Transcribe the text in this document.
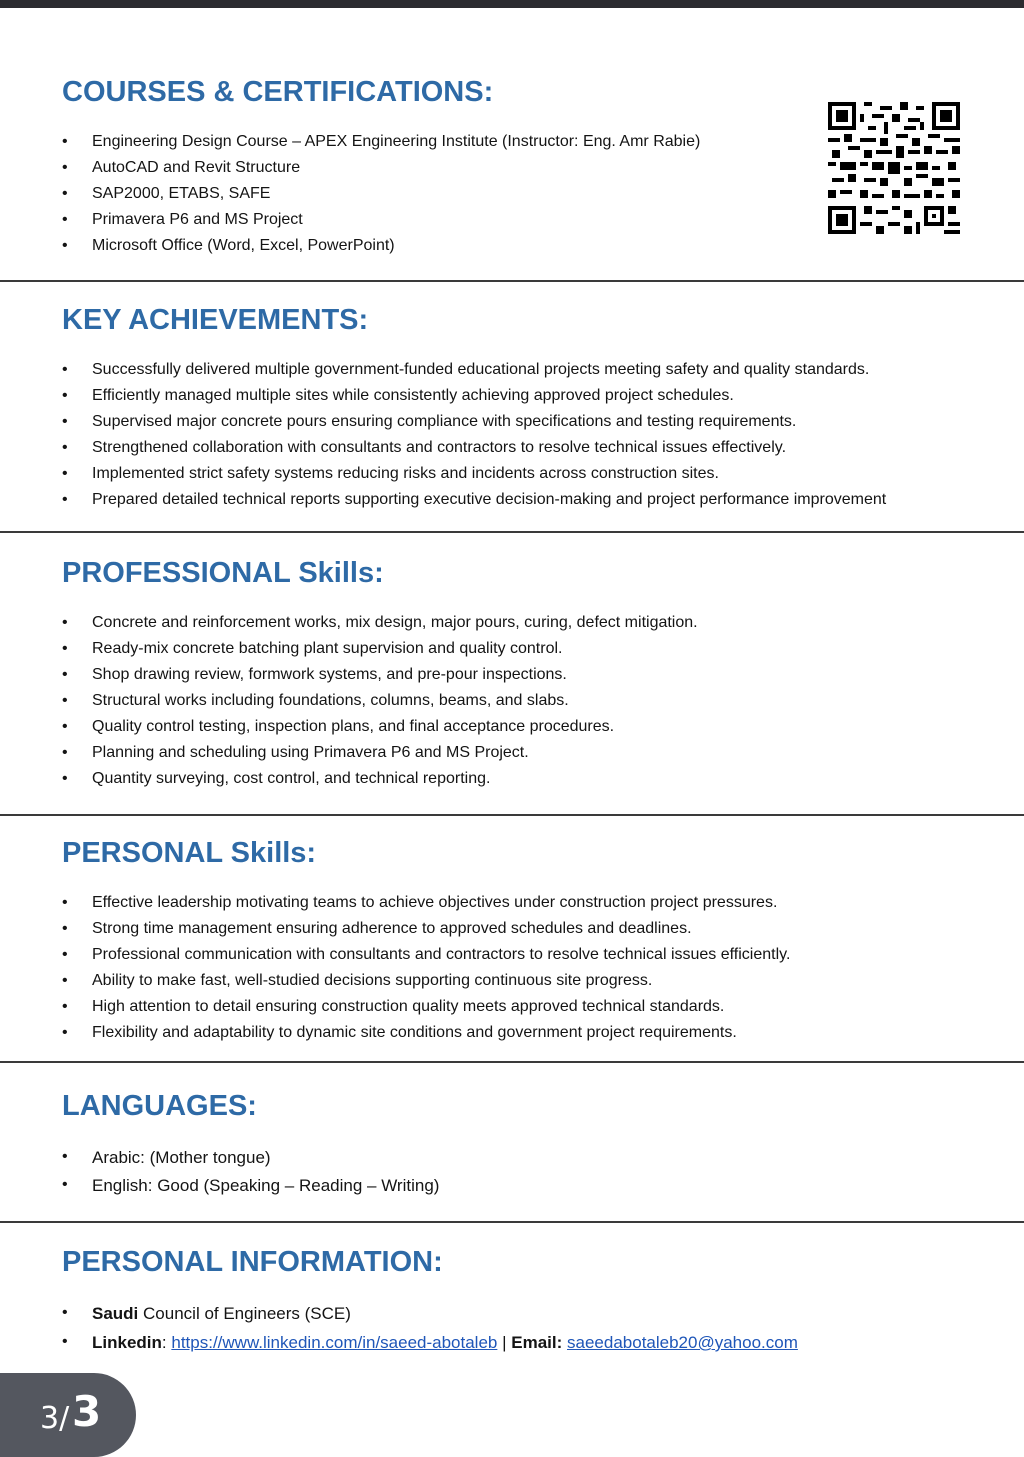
COURSES & CERTIFICATIONS:
• Engineering Design Course – APEX Engineering Institute (Instructor: Eng. Amr Rabie)
• AutoCAD and Revit Structure
• SAP2000, ETABS, SAFE
• Primavera P6 and MS Project
• Microsoft Office (Word, Excel, PowerPoint)
KEY ACHIEVEMENTS:
• Successfully delivered multiple government-funded educational projects meeting safety and quality standards.
• Efficiently managed multiple sites while consistently achieving approved project schedules.
• Supervised major concrete pours ensuring compliance with specifications and testing requirements.
• Strengthened collaboration with consultants and contractors to resolve technical issues effectively.
• Implemented strict safety systems reducing risks and incidents across construction sites.
• Prepared detailed technical reports supporting executive decision-making and project performance improvement
PROFESSIONAL Skills:
• Concrete and reinforcement works, mix design, major pours, curing, defect mitigation.
• Ready-mix concrete batching plant supervision and quality control.
• Shop drawing review, formwork systems, and pre-pour inspections.
• Structural works including foundations, columns, beams, and slabs.
• Quality control testing, inspection plans, and final acceptance procedures.
• Planning and scheduling using Primavera P6 and MS Project.
• Quantity surveying, cost control, and technical reporting.
PERSONAL Skills:
• Effective leadership motivating teams to achieve objectives under construction project pressures.
• Strong time management ensuring adherence to approved schedules and deadlines.
• Professional communication with consultants and contractors to resolve technical issues efficiently.
• Ability to make fast, well-studied decisions supporting continuous site progress.
• High attention to detail ensuring construction quality meets approved technical standards.
• Flexibility and adaptability to dynamic site conditions and government project requirements.
LANGUAGES:
• Arabic: (Mother tongue)
• English: Good (Speaking – Reading – Writing)
PERSONAL INFORMATION:
• Saudi Council of Engineers (SCE)
• Linkedin: https://www.linkedin.com/in/saeed-abotaleb | Email: saeedabotaleb20@yahoo.com
3/ 3
